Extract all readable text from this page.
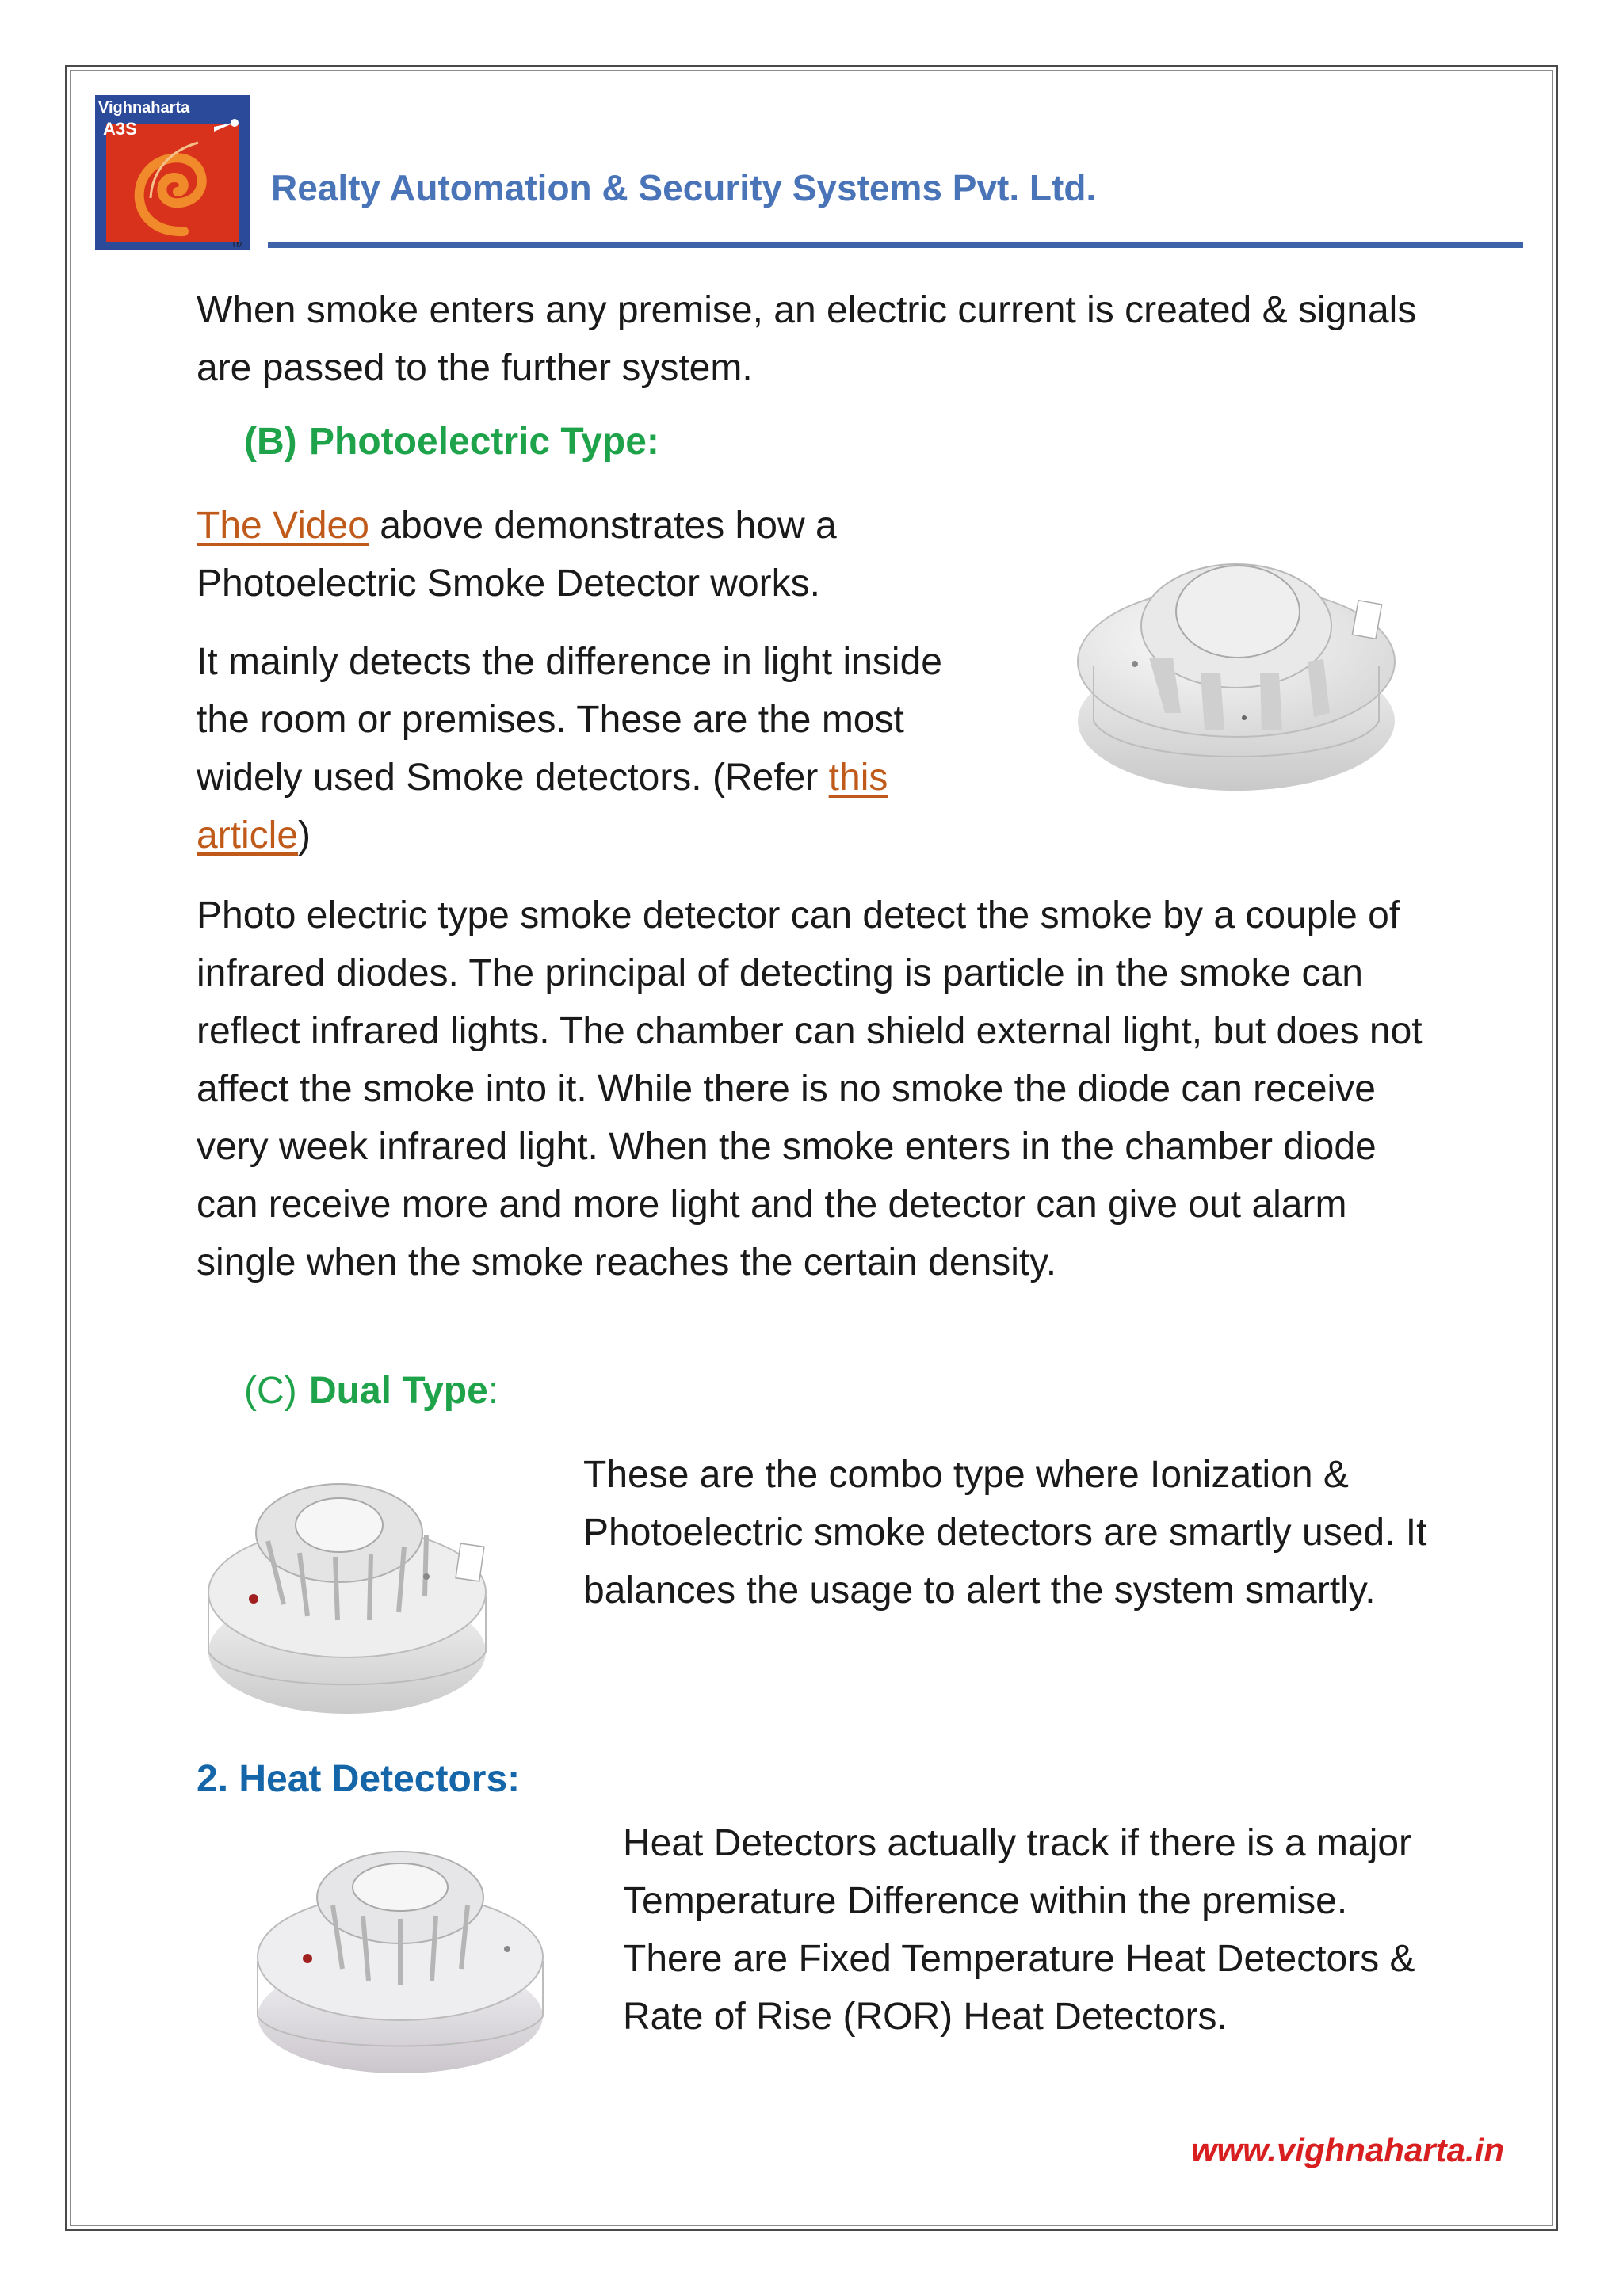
Vighnaharta
A3S
TM
Realty Automation & Security Systems Pvt. Ltd.

When smoke enters any premise, an electric current is created & signals are passed to the further system.

(B) Photoelectric Type:

The Video above demonstrates how a Photoelectric Smoke Detector works.

It mainly detects the difference in light inside the room or premises. These are the most widely used Smoke detectors. (Refer this article)

Photo electric type smoke detector can detect the smoke by a couple of infrared diodes. The principal of detecting is particle in the smoke can reflect infrared lights. The chamber can shield external light, but does not affect the smoke into it. While there is no smoke the diode can receive very week infrared light. When the smoke enters in the chamber diode can receive more and more light and the detector can give out alarm single when the smoke reaches the certain density.

(C) Dual Type:

These are the combo type where Ionization & Photoelectric smoke detectors are smartly used. It balances the usage to alert the system smartly.

2. Heat Detectors:

Heat Detectors actually track if there is a major Temperature Difference within the premise. There are Fixed Temperature Heat Detectors & Rate of Rise (ROR) Heat Detectors.

www.vighnaharta.in
